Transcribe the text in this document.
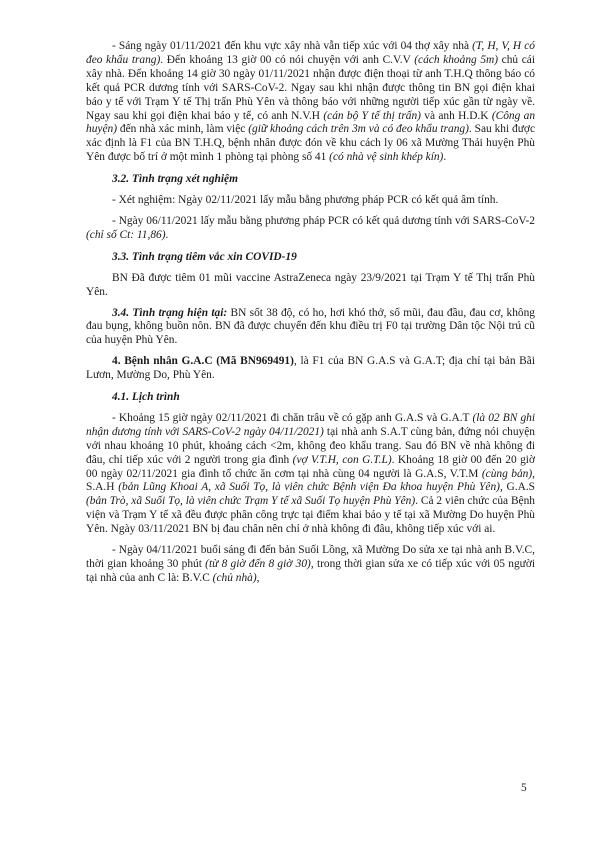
- Sáng ngày 01/11/2021 đến khu vực xây nhà vẫn tiếp xúc với 04 thợ xây nhà (T, H, V, H có đeo khẩu trang). Đến khoảng 13 giờ 00 có nói chuyện với anh C.V.V (cách khoảng 5m) chủ cái xây nhà. Đến khoảng 14 giờ 30 ngày 01/11/2021 nhận được điện thoại từ anh T.H.Q thông báo có kết quả PCR dương tính với SARS-CoV-2. Ngay sau khi nhận được thông tin BN gọi điện khai báo y tế với Trạm Y tế Thị trấn Phù Yên và thông báo với những người tiếp xúc gần từ ngày về. Ngay sau khi gọi điện khai báo y tế, có anh N.V.H (cán bộ Y tế thị trấn) và anh H.D.K (Công an huyện) đến nhà xác minh, làm việc (giữ khoảng cách trên 3m và có đeo khẩu trang). Sau khi được xác định là F1 của BN T.H.Q, bệnh nhân được đón về khu cách ly 06 xã Mường Thải huyện Phù Yên được bố trí ở một mình 1 phòng tại phòng số 41 (có nhà vệ sinh khép kín).

3.2. Tình trạng xét nghiệm

- Xét nghiệm: Ngày 02/11/2021 lấy mẫu bằng phương pháp PCR có kết quả âm tính.

- Ngày 06/11/2021 lấy mẫu bằng phương pháp PCR có kết quả dương tính với SARS-CoV-2 (chỉ số Ct: 11,86).

3.3. Tình trạng tiêm vắc xin COVID-19

BN Đã được tiêm 01 mũi vaccine AstraZeneca ngày 23/9/2021 tại Trạm Y tế Thị trấn Phù Yên.

3.4. Tình trạng hiện tại: BN sốt 38 độ, có ho, hơi khó thở, sổ mũi, đau đầu, đau cơ, không đau bụng, không buồn nôn. BN đã được chuyển đến khu điều trị F0 tại trường Dân tộc Nội trú cũ của huyện Phù Yên.

4. Bệnh nhân G.A.C (Mã BN969491), là F1 của BN G.A.S và G.A.T; địa chỉ tại bản Bãi Lươn, Mường Do, Phù Yên.

4.1. Lịch trình

- Khoảng 15 giờ ngày 02/11/2021 đi chăn trâu về có gặp anh G.A.S và G.A.T (là 02 BN ghi nhận dương tính với SARS-CoV-2 ngày 04/11/2021) tại nhà anh S.A.T cùng bản, đứng nói chuyện với nhau khoảng 10 phút, khoảng cách <2m, không đeo khẩu trang. Sau đó BN về nhà không đi đâu, chỉ tiếp xúc với 2 người trong gia đình (vợ V.T.H, con G.T.L). Khoảng 18 giờ 00 đến 20 giờ 00 ngày 02/11/2021 gia đình tổ chức ăn cơm tại nhà cùng 04 người là G.A.S, V.T.M (cùng bản), S.A.H (bản Lũng Khoai A, xã Suối Tọ, là viên chức Bệnh viện Đa khoa huyện Phù Yên), G.A.S (bản Trò, xã Suối Tọ, là viên chức Trạm Y tế xã Suối Tọ huyện Phù Yên). Cả 2 viên chức của Bệnh viện và Trạm Y tế xã đều được phân công trực tại điểm khai báo y tế tại xã Mường Do huyện Phù Yên. Ngày 03/11/2021 BN bị đau chân nên chỉ ở nhà không đi đâu, không tiếp xúc với ai.

- Ngày 04/11/2021 buổi sáng đi đến bản Suối Lồng, xã Mường Do sửa xe tại nhà anh B.V.C, thời gian khoảng 30 phút (từ 8 giờ đến 8 giờ 30), trong thời gian sửa xe có tiếp xúc với 05 người tại nhà của anh C là: B.V.C (chủ nhà),

5
